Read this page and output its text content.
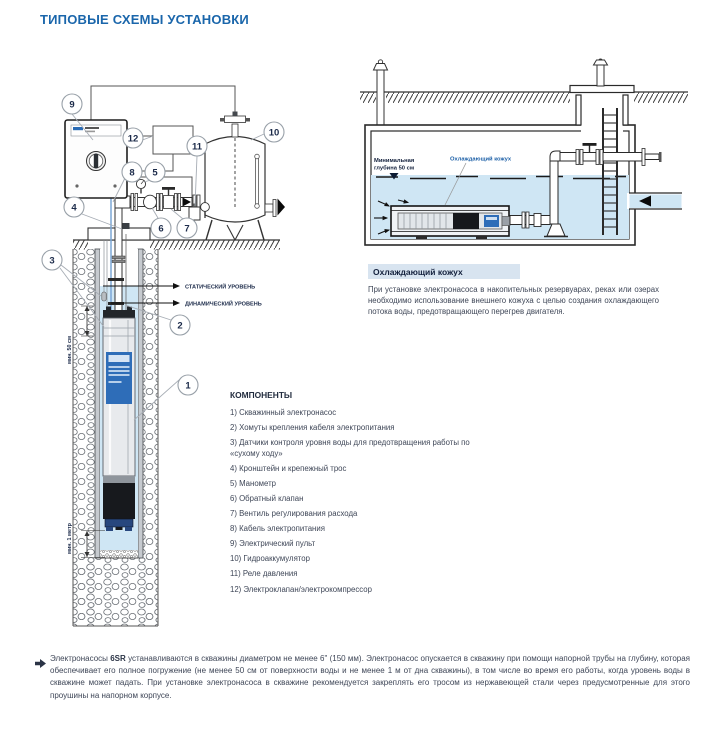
ТИПОВЫЕ СХЕМЫ УСТАНОВКИ
СТАТИЧЕСКИЙ УРОВЕНЬ
ДИНАМИЧЕСКИЙ УРОВЕНЬ
мин. 50 см
мин. 1 метр
1
2
3
4
5
6 7
8
9
10
11
12
Минимальная
глубина 50 см
Охлаждающий кожух
Охлаждающий кожух
При установке электронасоса в накопительных резервуарах, реках или озерах необходимо использование внешнего кожуха с целью создания охлаждающего потока воды, предотвращающего перегрев двигателя.
КОМПОНЕНТЫ
1) Скважинный электронасос
2) Хомуты крепления кабеля электропитания
3) Датчики контроля уровня воды для предотвращения работы по «сухому ходу»
4) Кронштейн и крепежный трос
5) Манометр
6) Обратный клапан
7) Вентиль регулирования расхода
8) Кабель электропитания
9) Электрический пульт
10) Гидроаккумулятор
11) Реле давления
12) Электроклапан/электрокомпрессор
Электронасосы 6SR устанавливаются в скважины диаметром не менее 6" (150 мм). Электронасос опускается в скважину при помощи напорной трубы на глубину, которая обеспечивает его полное погружение (не менее 50 см от поверхности воды и не менее 1 м от дна скважины), в том числе во время его работы, когда уровень воды в скважине может падать. При установке электронасоса в скважине рекомендуется закреплять его тросом из нержавеющей стали через предусмотренные для этого проушины на напорном корпусе.
